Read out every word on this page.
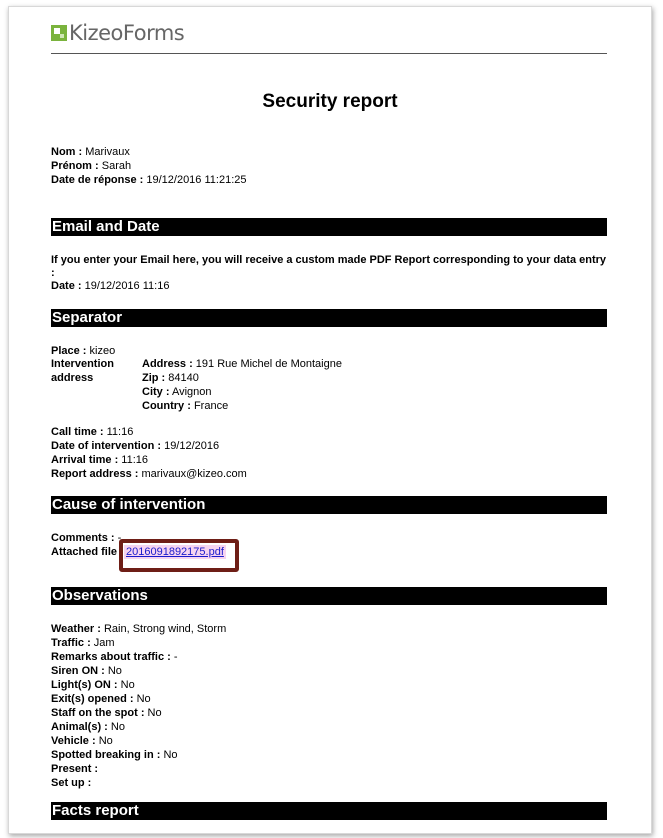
KizeoForms
Security report
Nom : Marivaux
Prénom : Sarah
Date de réponse : 19/12/2016 11:21:25
Email and Date
If you enter your Email here, you will receive a custom made PDF Report corresponding to your data entry
:
Date : 19/12/2016 11:16
Separator
Place : kizeo
Intervention
address
Address : 191 Rue Michel de Montaigne
Zip : 84140
City : Avignon
Country : France
Call time : 11:16
Date of intervention : 19/12/2016
Arrival time : 11:16
Report address : marivaux@kizeo.com
Cause of intervention
Comments : -
Attached file : 2016091892175.pdf
Observations
Weather : Rain, Strong wind, Storm
Traffic : Jam
Remarks about traffic : -
Siren ON : No
Light(s) ON : No
Exit(s) opened : No
Staff on the spot : No
Animal(s) : No
Vehicle : No
Spotted breaking in : No
Present :
Set up :
Facts report
